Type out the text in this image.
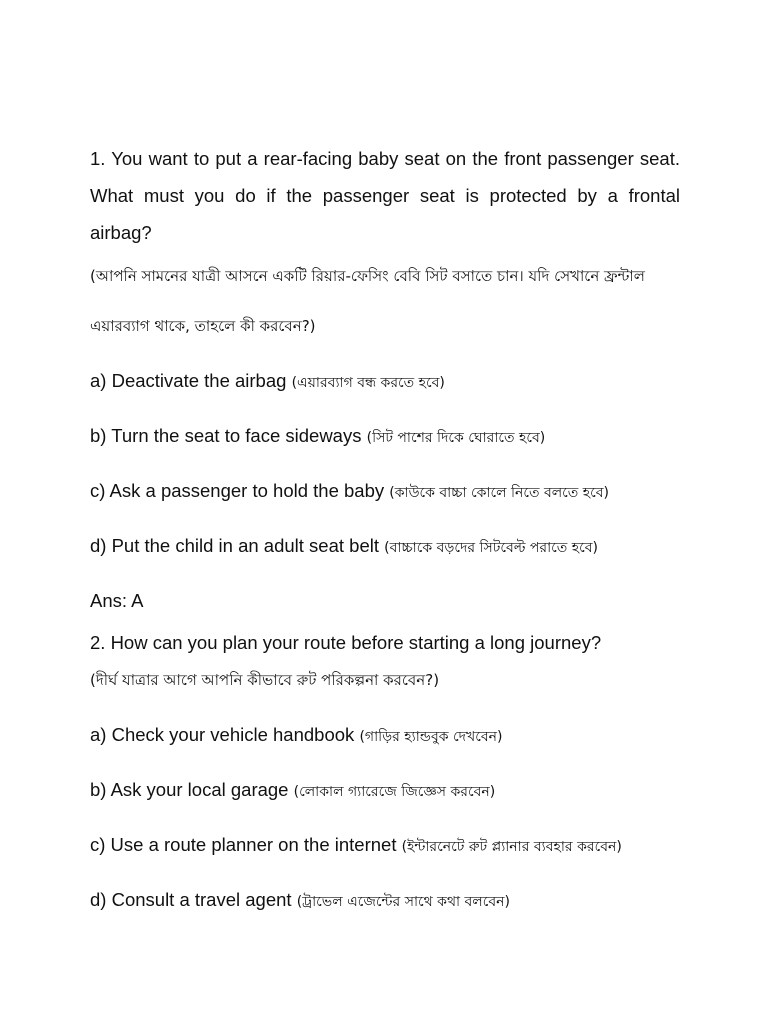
1. You want to put a rear-facing baby seat on the front passenger seat. What must you do if the passenger seat is protected by a frontal airbag?

(আপনি সামনের যাত্রী আসনে একটি রিয়ার-ফেসিং বেবি সিট বসাতে চান। যদি সেখানে ফ্রন্টাল এয়ারব্যাগ থাকে, তাহলে কী করবেন?)

a) Deactivate the airbag (এয়ারব্যাগ বন্ধ করতে হবে)

b) Turn the seat to face sideways (সিট পাশের দিকে ঘোরাতে হবে)

c) Ask a passenger to hold the baby (কাউকে বাচ্চা কোলে নিতে বলতে হবে)

d) Put the child in an adult seat belt (বাচ্চাকে বড়দের সিটবেল্ট পরাতে হবে)

Ans: A

2. How can you plan your route before starting a long journey?

(দীর্ঘ যাত্রার আগে আপনি কীভাবে রুট পরিকল্পনা করবেন?)

a) Check your vehicle handbook (গাড়ির হ্যান্ডবুক দেখবেন)

b) Ask your local garage (লোকাল গ্যারেজে জিজ্ঞেস করবেন)

c) Use a route planner on the internet (ইন্টারনেটে রুট প্ল্যানার ব্যবহার করবেন)

d) Consult a travel agent (ট্রাভেল এজেন্টের সাথে কথা বলবেন)
